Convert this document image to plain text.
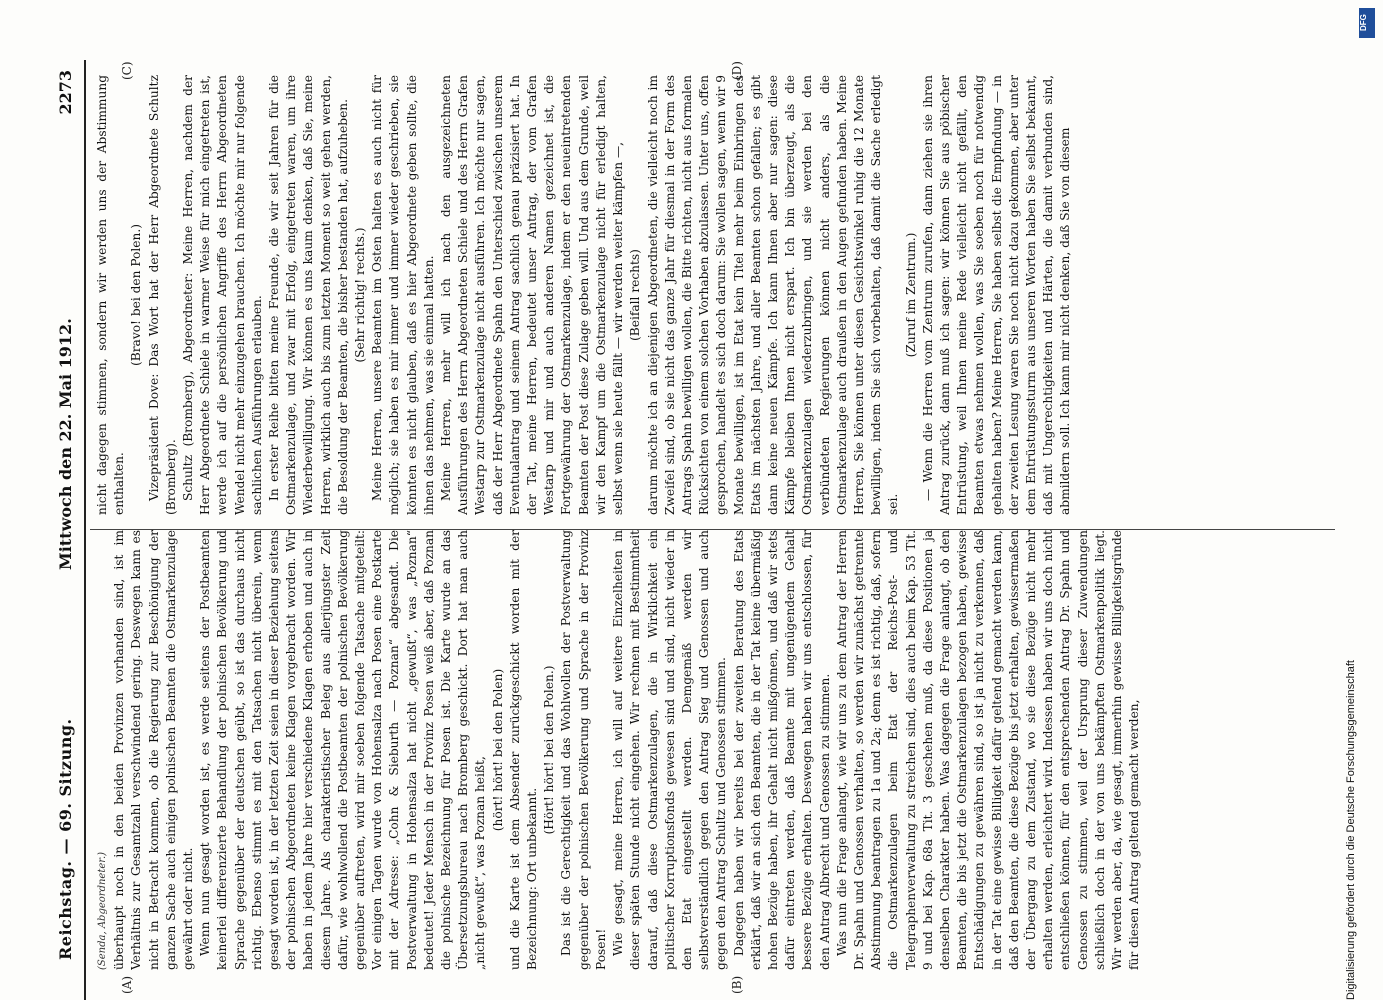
Reichstag. — 69. Sitzung.
Mittwoch den 22. Mai 1912.
2273
(Senda, Abgeordneter.) überhaupt noch in den beiden Provinzen vorhanden sind, ist im Verhältnis zur Gesamtzahl verschwindend gering. Deswegen kann es nicht in Betracht kommen, ob die Regierung zur Beschönigung der ganzen Sache auch einigen polnischen Beamten die Ostmarkenzulage gewährt oder nicht. Wenn nun gesagt worden ist, es werde seitens der Postbeamten keinerlei differenzierte Behandlung der polnischen Bevölkerung und Sprache gegenüber der deutschen geübt, so ist das durchaus nicht richtig. Ebenso stimmt es mit den Tatsachen nicht überein, wenn gesagt worden ist, in der letzten Zeit seien in dieser Beziehung seitens der polnischen Abgeordneten keine Klagen vorgebracht worden. Wir haben in jedem Jahre hier verschiedene Klagen erhoben und auch in diesem Jahre. Als charakteristischer Beleg aus allerjüngster Zeit dafür, wie wohlwollend die Postbeamten der polnischen Bevölkerung gegenüber auftreten, wird mir soeben folgende Tatsache mitgeteilt: Vor einigen Tagen wurde von Hohensalza nach Posen eine Postkarte mit der Adresse: „Cohn & Sieburth — Poznan“ abgesandt. Die Postverwaltung in Hohensalza hat nicht „gewußt“, was „Poznan“ bedeutet! Jeder Mensch in der Provinz Posen weiß aber, daß Poznan die polnische Bezeichnung für Posen ist. Die Karte wurde an das Übersetzungsbureau nach Bromberg geschickt. Dort hat man auch „nicht gewußt“, was Poznan heißt,

(hört! hört! bei den Polen) und die Karte ist dem Absender zurückgeschickt worden mit der Bezeichnung: Ort unbekannt.

(Hört! hört! bei den Polen.) Das ist die Gerechtigkeit und das Wohlwollen der Postverwaltung gegenüber der polnischen Bevölkerung und Sprache in der Provinz Posen! Wie gesagt, meine Herren, ich will auf weitere Einzelheiten in dieser späten Stunde nicht eingehen. Wir rechnen mit Bestimmtheit darauf, daß diese Ostmarkenzulagen, die in Wirklichkeit ein politischer Korruptionsfonds gewesen sind und sind, nicht wieder in den Etat eingestellt werden. Demgemäß werden wir selbstverständlich gegen den Antrag Sieg und Genossen und auch gegen den Antrag Schultz und Genossen stimmen. Dagegen haben wir bereits bei der zweiten Beratung des Etats erklärt, daß wir an sich den Beamten, die in der Tat keine übermäßig hohen Bezüge haben, ihr Gehalt nicht mißgönnen, und daß wir stets dafür eintreten werden, daß Beamte mit ungenügendem Gehalt bessere Bezüge erhalten. Deswegen haben wir uns entschlossen, für den Antrag Albrecht und Genossen zu stimmen. Was nun die Frage anlangt, wie wir uns zu dem Antrag der Herren Dr. Spahn und Genossen verhalten, so werden wir zunächst getrennte Abstimmung beantragen zu 1a und 2a; denn es ist richtig, daß, sofern die Ostmarkenzulagen beim Etat der Reichs-Post- und Telegraphenverwaltung zu streichen sind, dies auch beim Kap. 53 Tit. 9 und bei Kap. 68a Tit. 3 geschehen muß, da diese Positionen ja denselben Charakter haben. Was dagegen die Frage anlangt, ob den Beamten, die bis jetzt die Ostmarkenzulagen bezogen haben, gewisse Entschädigungen zu gewähren sind, so ist ja nicht zu verkennen, daß in der Tat eine gewisse Billigkeit dafür geltend gemacht werden kann, daß den Beamten, die diese Bezüge bis jetzt erhalten, gewissermaßen der Übergang zu dem Zustand, wo sie diese Bezüge nicht mehr erhalten werden, erleichtert wird. Indessen haben wir uns doch nicht entschließen können, für den entsprechenden Antrag Dr. Spahn und Genossen zu stimmen, weil der Ursprung dieser Zuwendungen schließlich doch in der von uns bekämpften Ostmarkenpolitik liegt. Wir werden aber, da, wie gesagt, immerhin gewisse Billigkeitsgründe für diesen Antrag geltend gemacht werden,

nicht dagegen stimmen, sondern wir werden uns der Abstimmung enthalten.

(Bravo! bei den Polen.) Vizepräsident Dove: Das Wort hat der Herr Abgeordnete Schultz (Bromberg). Schultz (Bromberg), Abgeordneter: Meine Herren, nachdem der Herr Abgeordnete Schiele in warmer Weise für mich eingetreten ist, werde ich auf die persönlichen Angriffe des Herrn Abgeordneten Wendel nicht mehr einzugehen brauchen. Ich möchte mir nur folgende sachlichen Ausführungen erlauben. In erster Reihe bitten meine Freunde, die wir seit Jahren für die Ostmarkenzulage, und zwar mit Erfolg, eingetreten waren, um ihre Wiederbewilligung. Wir können es uns kaum denken, daß Sie, meine Herren, wirklich auch bis zum letzten Moment so weit gehen werden, die Besoldung der Beamten, die bisher bestanden hat, aufzuheben. (Sehr richtig! rechts.) Meine Herren, unsere Beamten im Osten halten es auch nicht für möglich; sie haben es mir immer und immer wieder geschrieben, sie könnten es nicht glauben, daß es hier Abgeordnete geben sollte, die ihnen das nehmen, was sie einmal hatten. Meine Herren, mehr will ich nach den ausgezeichneten Ausführungen des Herrn Abgeordneten Schiele und des Herrn Grafen Westarp zur Ostmarkenzulage nicht ausführen. Ich möchte nur sagen, daß der Herr Abgeordnete Spahn den Unterschied zwischen unserem Eventualantrag und seinem Antrag sachlich genau präzisiert hat. In der Tat, meine Herren, bedeutet unser Antrag, der vom Grafen Westarp und mir und auch anderen Namen gezeichnet ist, die Fortgewährung der Ostmarkenzulage, indem er den neueintretenden Beamten der Post diese Zulage geben will. Und aus dem Grunde, weil wir den Kampf um die Ostmarkenzulage nicht für erledigt halten, selbst wenn sie heute fällt — wir werden weiter kämpfen —, (Beifall rechts) darum möchte ich an diejenigen Abgeordneten, die vielleicht noch im Zweifel sind, ob sie nicht das ganze Jahr für diesmal in der Form des Antrags Spahn bewilligen wollen, die Bitte richten, nicht aus formalen Rücksichten von einem solchen Vorhaben abzulassen. Unter uns, offen gesprochen, handelt es sich doch darum: Sie wollen sagen, wenn wir 9 Monate bewilligen, ist im Etat kein Titel mehr beim Einbringen des Etats im nächsten Jahre, und aller Beamten schon gefallen; es gibt dann keine neuen Kämpfe. Ich kann Ihnen aber nur sagen: diese Kämpfe bleiben Ihnen nicht erspart. Ich bin überzeugt, als die Ostmarkenzulagen wiederzubringen, und sie werden bei den verbündeten Regierungen können nicht anders, als die Ostmarkenzulage auch draußen in den Augen gefunden haben. Meine Herren, Sie können unter diesen Gesichtswinkel ruhig die 12 Monate bewilligen, indem Sie sich vorbehalten, daß damit die Sache erledigt sei.

(Zuruf im Zentrum.) — Wenn die Herren vom Zentrum zurufen, dann ziehen sie ihren Antrag zurück, dann muß ich sagen: wir können Sie aus pöbischer Entrüstung, weil Ihnen meine Rede vielleicht nicht gefällt, den Beamten etwas nehmen wollen, was Sie soeben noch für notwendig gehalten haben? Meine Herren, Sie haben selbst die Empfindung — in der zweiten Lesung waren Sie noch nicht dazu gekommen, aber unter dem Entrüstungssturm aus unseren Worten haben Sie selbst bekannt, daß mit Ungerechtigkeiten und Härten, die damit verbunden sind, abmildern soll. Ich kann mir nicht denken, daß Sie von diesem

(A)	(B)
(C)	(D)
Digitalisierung gefördert durch die Deutsche Forschungsgemeinschaft
DFG
